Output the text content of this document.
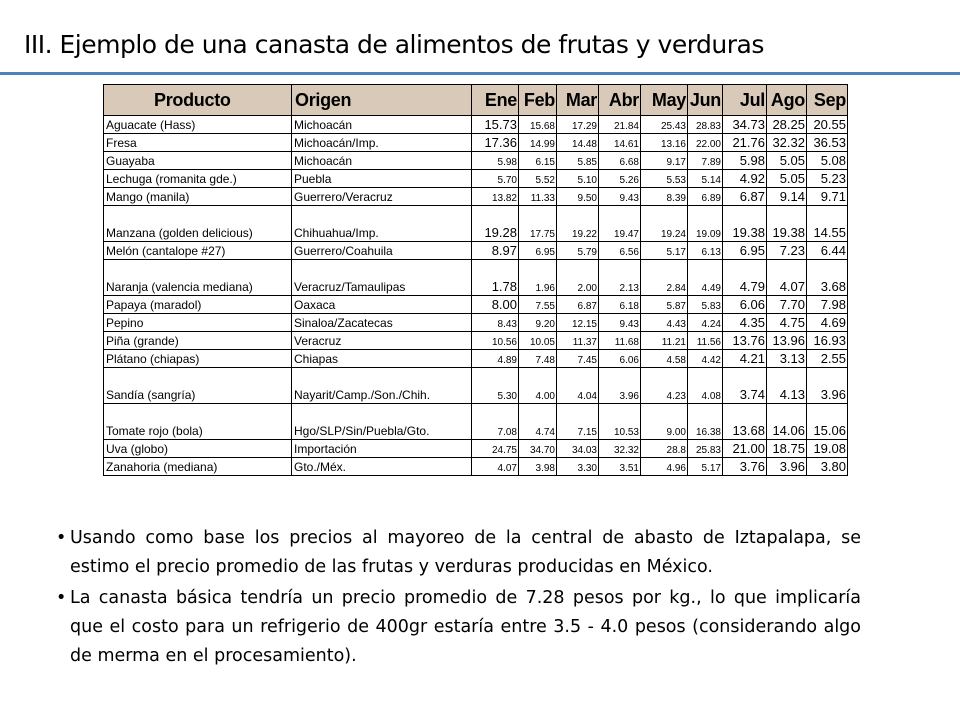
III. Ejemplo de una canasta de alimentos de frutas y verduras
Producto	Origen	Ene	Feb	Mar	Abr	May	Jun	Jul	Ago	Sep
Aguacate (Hass)	Michoacán	15.73	15.68	17.29	21.84	25.43	28.83	34.73	28.25	20.55
Fresa	Michoacán/Imp.	17.36	14.99	14.48	14.61	13.16	22.00	21.76	32.32	36.53
Guayaba	Michoacán	5.98	6.15	5.85	6.68	9.17	7.89	5.98	5.05	5.08
Lechuga (romanita gde.)	Puebla	5.70	5.52	5.10	5.26	5.53	5.14	4.92	5.05	5.23
Mango (manila)	Guerrero/Veracruz	13.82	11.33	9.50	9.43	8.39	6.89	6.87	9.14	9.71
Manzana (golden delicious)	Chihuahua/Imp.	19.28	17.75	19.22	19.47	19.24	19.09	19.38	19.38	14.55
Melón (cantalope #27)	Guerrero/Coahuila	8.97	6.95	5.79	6.56	5.17	6.13	6.95	7.23	6.44
Naranja (valencia mediana)	Veracruz/Tamaulipas	1.78	1.96	2.00	2.13	2.84	4.49	4.79	4.07	3.68
Papaya (maradol)	Oaxaca	8.00	7.55	6.87	6.18	5.87	5.83	6.06	7.70	7.98
Pepino	Sinaloa/Zacatecas	8.43	9.20	12.15	9.43	4.43	4.24	4.35	4.75	4.69
Piña (grande)	Veracruz	10.56	10.05	11.37	11.68	11.21	11.56	13.76	13.96	16.93
Plátano (chiapas)	Chiapas	4.89	7.48	7.45	6.06	4.58	4.42	4.21	3.13	2.55
Sandía (sangría)	Nayarit/Camp./Son./Chih.	5.30	4.00	4.04	3.96	4.23	4.08	3.74	4.13	3.96
Tomate rojo (bola)	Hgo/SLP/Sin/Puebla/Gto.	7.08	4.74	7.15	10.53	9.00	16.38	13.68	14.06	15.06
Uva (globo)	Importación	24.75	34.70	34.03	32.32	28.8	25.83	21.00	18.75	19.08
Zanahoria (mediana)	Gto./Méx.	4.07	3.98	3.30	3.51	4.96	5.17	3.76	3.96	3.80
• Usando como base los precios al mayoreo de la central de abasto de Iztapalapa, se estimo el precio promedio de las frutas y verduras producidas en México.
• La canasta básica tendría un precio promedio de 7.28 pesos por kg., lo que implicaría que el costo para un refrigerio de 400gr estaría entre 3.5 - 4.0 pesos (considerando algo de merma en el procesamiento).
